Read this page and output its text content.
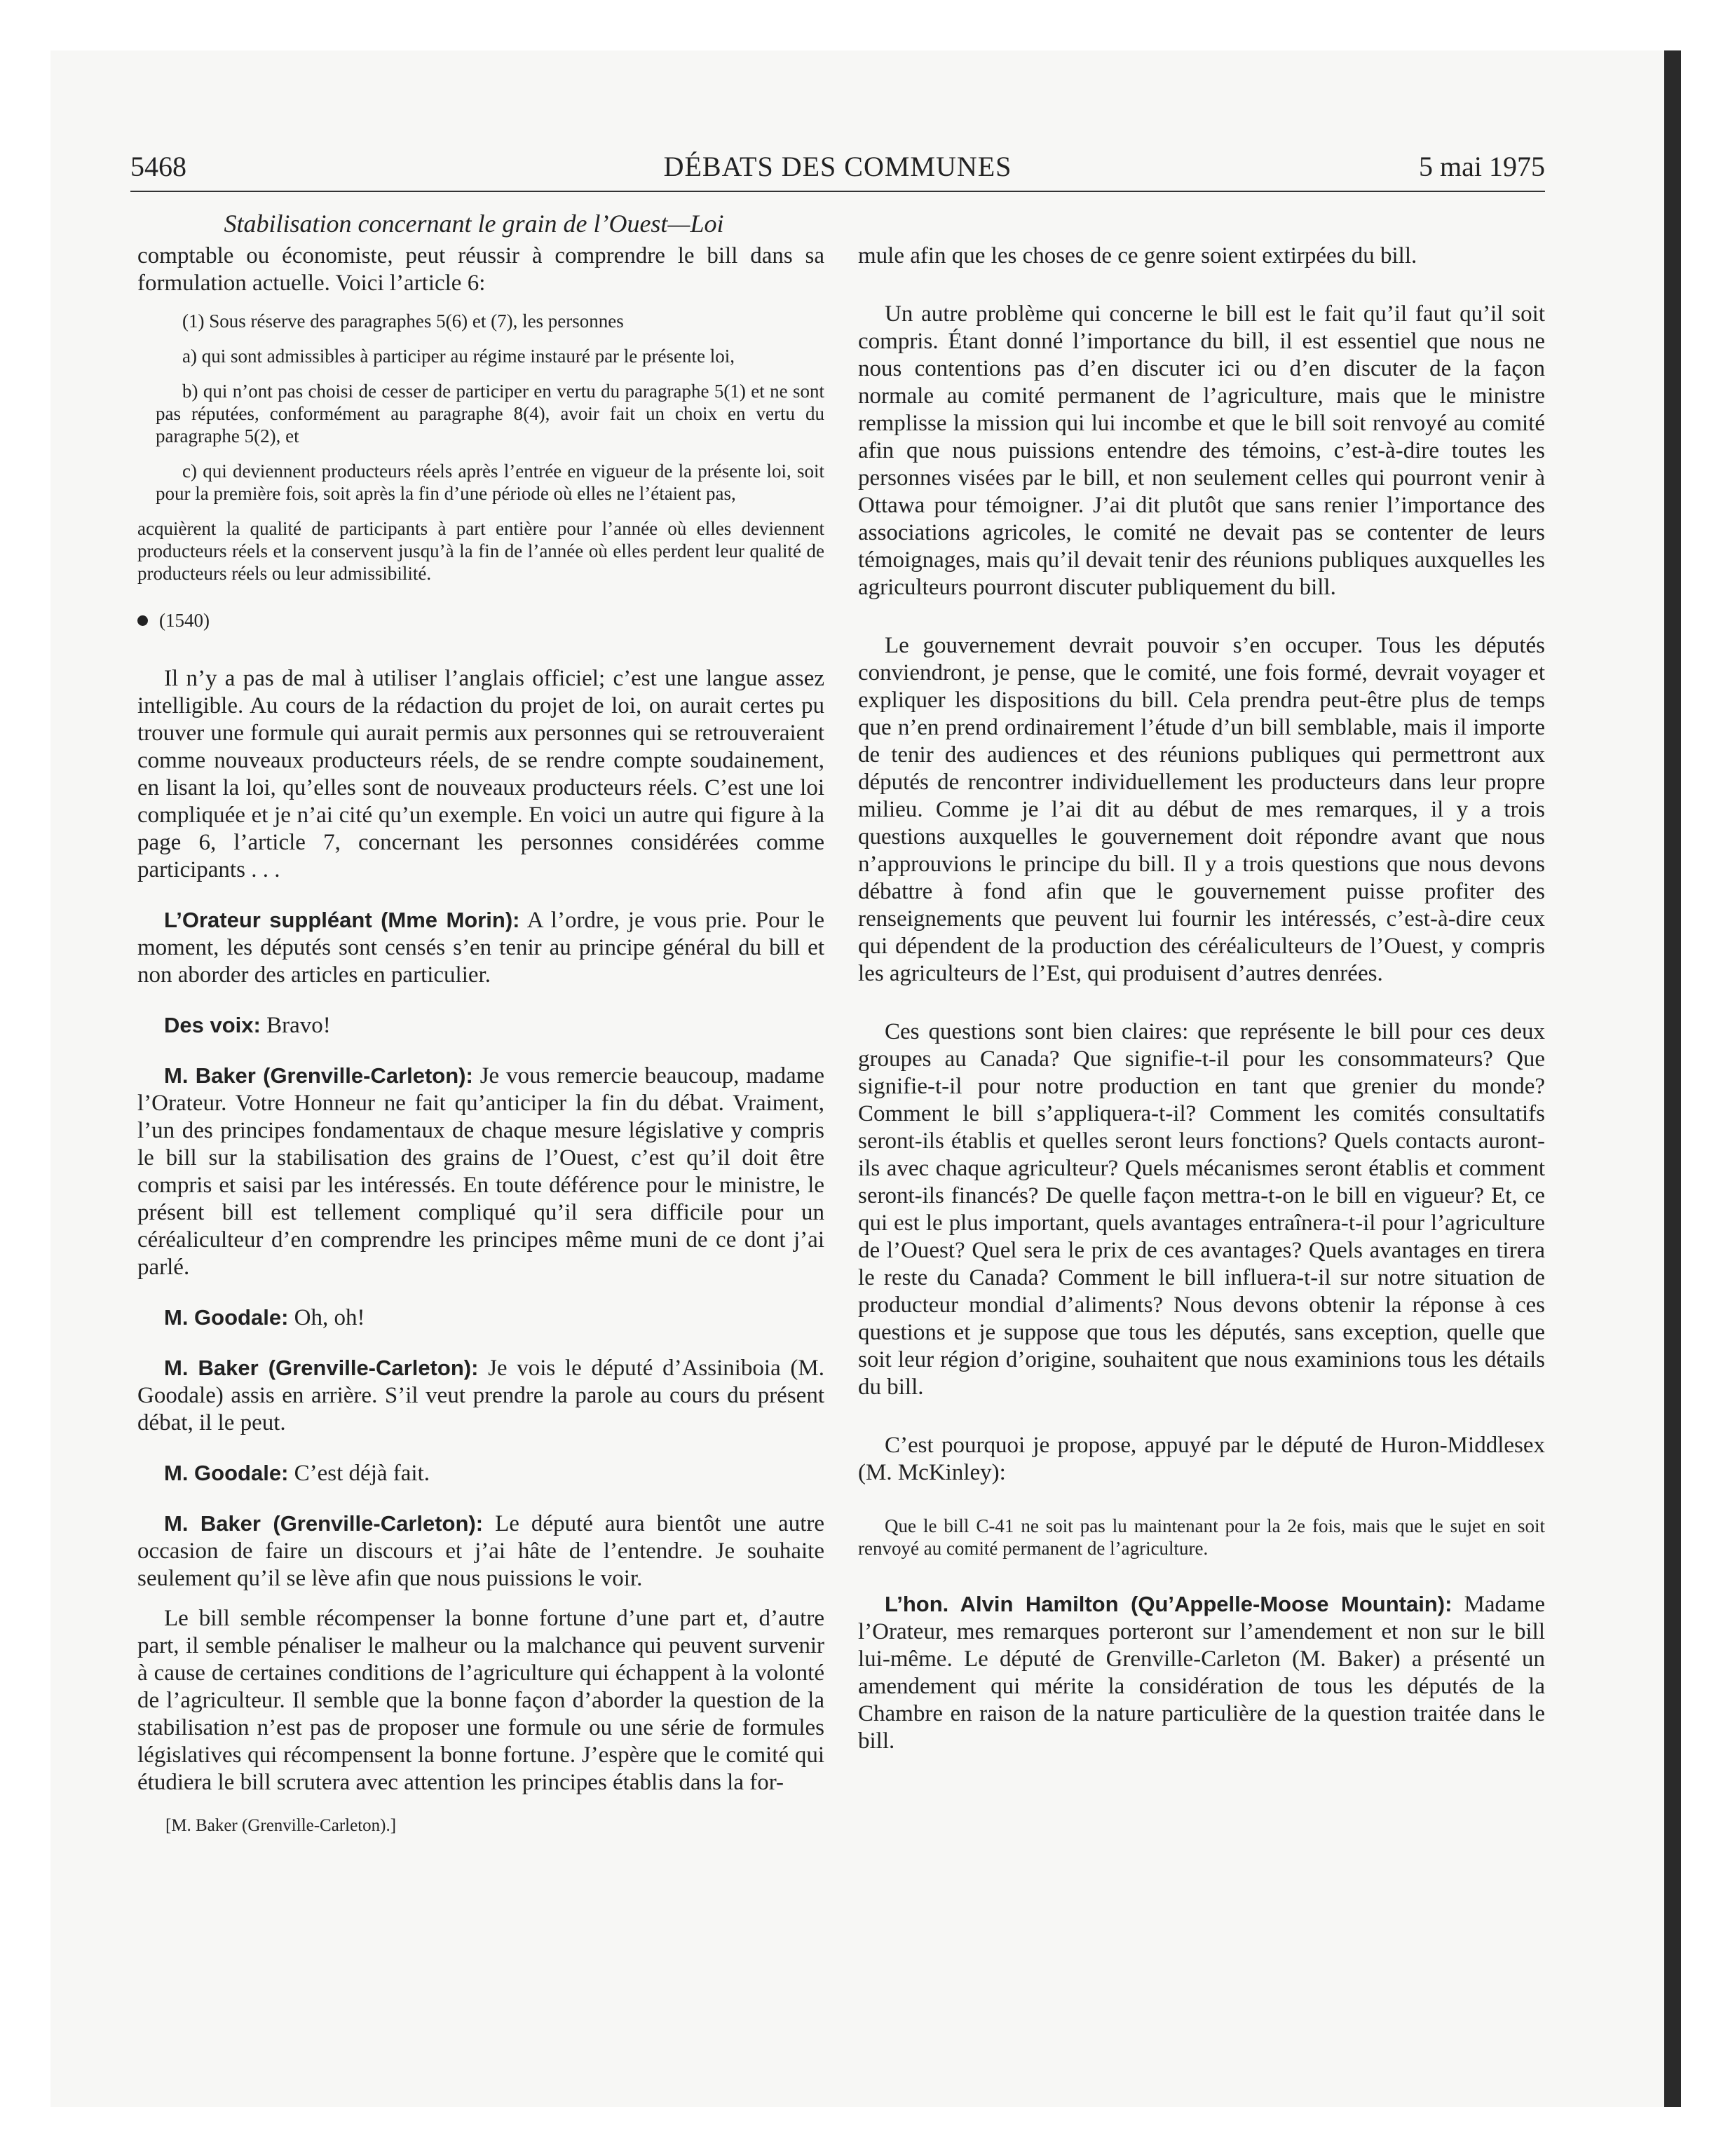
5468	DÉBATS DES COMMUNES	5 mai 1975
Stabilisation concernant le grain de l’Ouest—Loi

comptable ou économiste, peut réussir à comprendre le bill dans sa formulation actuelle. Voici l’article 6:

(1) Sous réserve des paragraphes 5(6) et (7), les personnes

a) qui sont admissibles à participer au régime instauré par le présente loi,

b) qui n’ont pas choisi de cesser de participer en vertu du paragraphe 5(1) et ne sont pas réputées, conformément au paragraphe 8(4), avoir fait un choix en vertu du paragraphe 5(2), et

c) qui deviennent producteurs réels après l’entrée en vigueur de la présente loi, soit pour la première fois, soit après la fin d’une période où elles ne l’étaient pas,

acquièrent la qualité de participants à part entière pour l’année où elles deviennent producteurs réels et la conservent jusqu’à la fin de l’année où elles perdent leur qualité de producteurs réels ou leur admissibilité.

(1540)

Il n’y a pas de mal à utiliser l’anglais officiel; c’est une langue assez intelligible. Au cours de la rédaction du projet de loi, on aurait certes pu trouver une formule qui aurait permis aux personnes qui se retrouveraient comme nouveaux producteurs réels, de se rendre compte soudainement, en lisant la loi, qu’elles sont de nouveaux producteurs réels. C’est une loi compliquée et je n’ai cité qu’un exemple. En voici un autre qui figure à la page 6, l’article 7, concernant les personnes considérées comme participants . . .

L’Orateur suppléant (Mme Morin): A l’ordre, je vous prie. Pour le moment, les députés sont censés s’en tenir au principe général du bill et non aborder des articles en particulier.

Des voix: Bravo!

M. Baker (Grenville-Carleton): Je vous remercie beaucoup, madame l’Orateur. Votre Honneur ne fait qu’anticiper la fin du débat. Vraiment, l’un des principes fondamentaux de chaque mesure législative y compris le bill sur la stabilisation des grains de l’Ouest, c’est qu’il doit être compris et saisi par les intéressés. En toute déférence pour le ministre, le présent bill est tellement compliqué qu’il sera difficile pour un céréaliculteur d’en comprendre les principes même muni de ce dont j’ai parlé.

M. Goodale: Oh, oh!

M. Baker (Grenville-Carleton): Je vois le député d’Assiniboia (M. Goodale) assis en arrière. S’il veut prendre la parole au cours du présent débat, il le peut.

M. Goodale: C’est déjà fait.

M. Baker (Grenville-Carleton): Le député aura bientôt une autre occasion de faire un discours et j’ai hâte de l’entendre. Je souhaite seulement qu’il se lève afin que nous puissions le voir.

Le bill semble récompenser la bonne fortune d’une part et, d’autre part, il semble pénaliser le malheur ou la malchance qui peuvent survenir à cause de certaines conditions de l’agriculture qui échappent à la volonté de l’agriculteur. Il semble que la bonne façon d’aborder la question de la stabilisation n’est pas de proposer une formule ou une série de formules législatives qui récompensent la bonne fortune. J’espère que le comité qui étudiera le bill scrutera avec attention les principes établis dans la for-

[M. Baker (Grenville-Carleton).]

mule afin que les choses de ce genre soient extirpées du bill.

Un autre problème qui concerne le bill est le fait qu’il faut qu’il soit compris. Étant donné l’importance du bill, il est essentiel que nous ne nous contentions pas d’en discuter ici ou d’en discuter de la façon normale au comité permanent de l’agriculture, mais que le ministre remplisse la mission qui lui incombe et que le bill soit renvoyé au comité afin que nous puissions entendre des témoins, c’est-à-dire toutes les personnes visées par le bill, et non seulement celles qui pourront venir à Ottawa pour témoigner. J’ai dit plutôt que sans renier l’importance des associations agricoles, le comité ne devait pas se contenter de leurs témoignages, mais qu’il devait tenir des réunions publiques auxquelles les agriculteurs pourront discuter publiquement du bill.

Le gouvernement devrait pouvoir s’en occuper. Tous les députés conviendront, je pense, que le comité, une fois formé, devrait voyager et expliquer les dispositions du bill. Cela prendra peut-être plus de temps que n’en prend ordinairement l’étude d’un bill semblable, mais il importe de tenir des audiences et des réunions publiques qui permettront aux députés de rencontrer individuellement les producteurs dans leur propre milieu. Comme je l’ai dit au début de mes remarques, il y a trois questions auxquelles le gouvernement doit répondre avant que nous n’approuvions le principe du bill. Il y a trois questions que nous devons débattre à fond afin que le gouvernement puisse profiter des renseignements que peuvent lui fournir les intéressés, c’est-à-dire ceux qui dépendent de la production des céréaliculteurs de l’Ouest, y compris les agriculteurs de l’Est, qui produisent d’autres denrées.

Ces questions sont bien claires: que représente le bill pour ces deux groupes au Canada? Que signifie-t-il pour les consommateurs? Que signifie-t-il pour notre production en tant que grenier du monde? Comment le bill s’appliquera-t-il? Comment les comités consultatifs seront-ils établis et quelles seront leurs fonctions? Quels contacts auront-ils avec chaque agriculteur? Quels mécanismes seront établis et comment seront-ils financés? De quelle façon mettra-t-on le bill en vigueur? Et, ce qui est le plus important, quels avantages entraînera-t-il pour l’agriculture de l’Ouest? Quel sera le prix de ces avantages? Quels avantages en tirera le reste du Canada? Comment le bill influera-t-il sur notre situation de producteur mondial d’aliments? Nous devons obtenir la réponse à ces questions et je suppose que tous les députés, sans exception, quelle que soit leur région d’origine, souhaitent que nous examinions tous les détails du bill.

C’est pourquoi je propose, appuyé par le député de Huron-Middlesex (M. McKinley):

Que le bill C-41 ne soit pas lu maintenant pour la 2e fois, mais que le sujet en soit renvoyé au comité permanent de l’agriculture.

L’hon. Alvin Hamilton (Qu’Appelle-Moose Mountain): Madame l’Orateur, mes remarques porteront sur l’amendement et non sur le bill lui-même. Le député de Grenville-Carleton (M. Baker) a présenté un amendement qui mérite la considération de tous les députés de la Chambre en raison de la nature particulière de la question traitée dans le bill.
